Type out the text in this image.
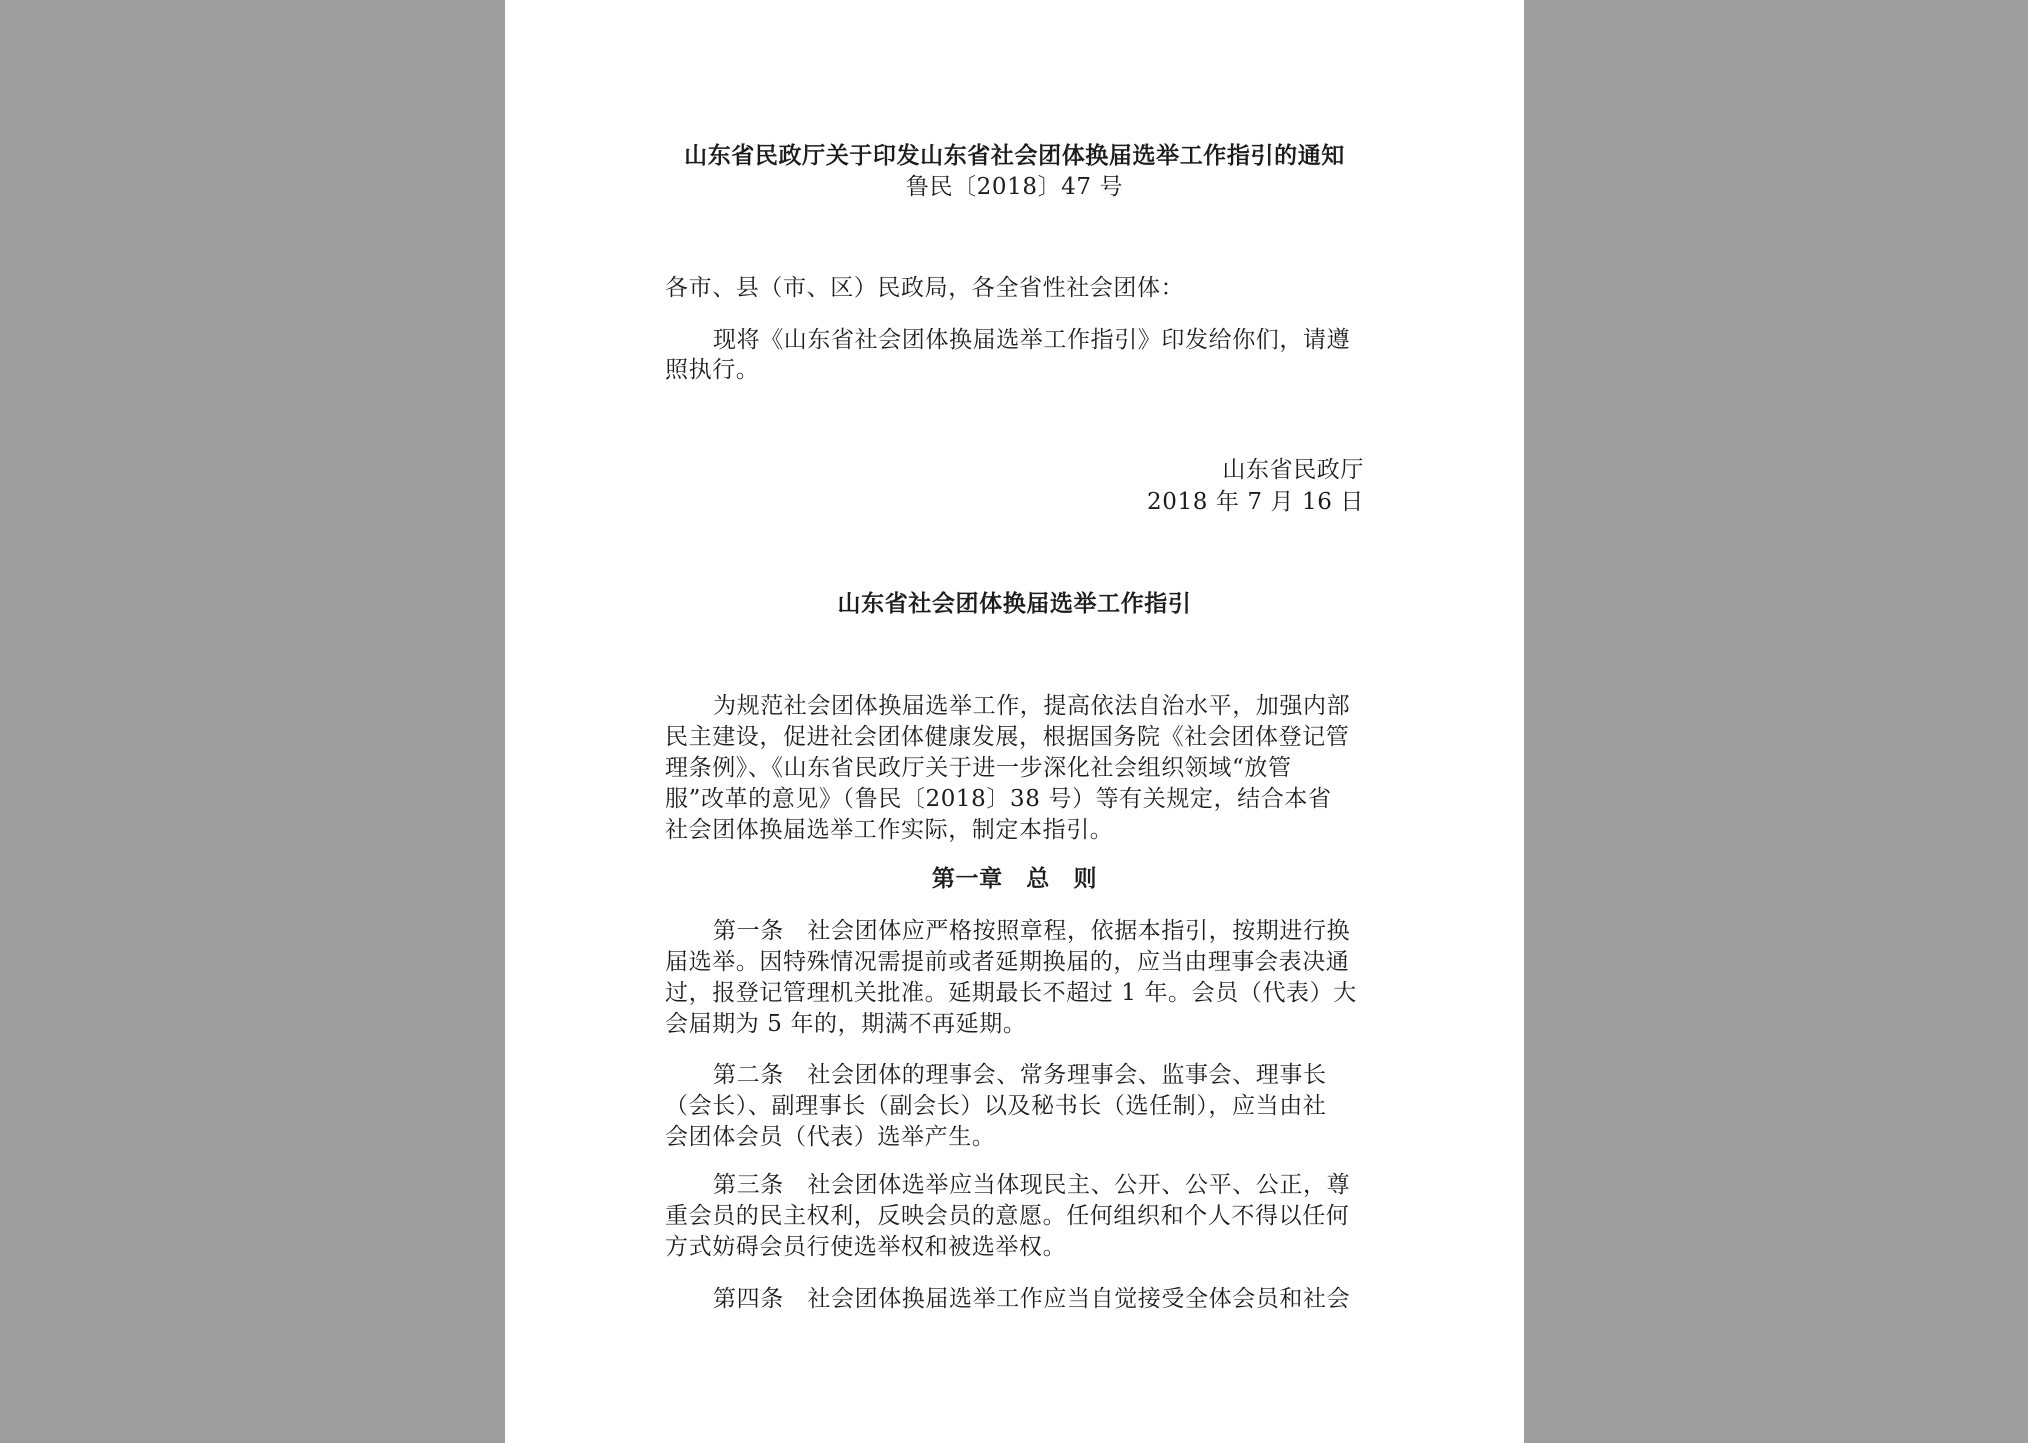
山东省民政厅关于印发山东省社会团体换届选举工作指引的通知
鲁民〔2018〕47 号
各市、县（市、区）民政局，各全省性社会团体：
现将《山东省社会团体换届选举工作指引》印发给你们，请遵
照执行。
山东省民政厅
2018 年 7 月 16 日
山东省社会团体换届选举工作指引
为规范社会团体换届选举工作，提高依法自治水平，加强内部
民主建设，促进社会团体健康发展，根据国务院《社会团体登记管
理条例》、《山东省民政厅关于进一步深化社会组织领域“放管
服”改革的意见》（鲁民〔2018〕38 号）等有关规定，结合本省
社会团体换届选举工作实际，制定本指引。
第一章　总　则
第一条　社会团体应严格按照章程，依据本指引，按期进行换
届选举。因特殊情况需提前或者延期换届的，应当由理事会表决通
过，报登记管理机关批准。延期最长不超过 1 年。会员（代表）大
会届期为 5 年的，期满不再延期。
第二条　社会团体的理事会、常务理事会、监事会、理事长
（会长）、副理事长（副会长）以及秘书长（选任制），应当由社
会团体会员（代表）选举产生。
第三条　社会团体选举应当体现民主、公开、公平、公正，尊
重会员的民主权利，反映会员的意愿。任何组织和个人不得以任何
方式妨碍会员行使选举权和被选举权。
第四条　社会团体换届选举工作应当自觉接受全体会员和社会
